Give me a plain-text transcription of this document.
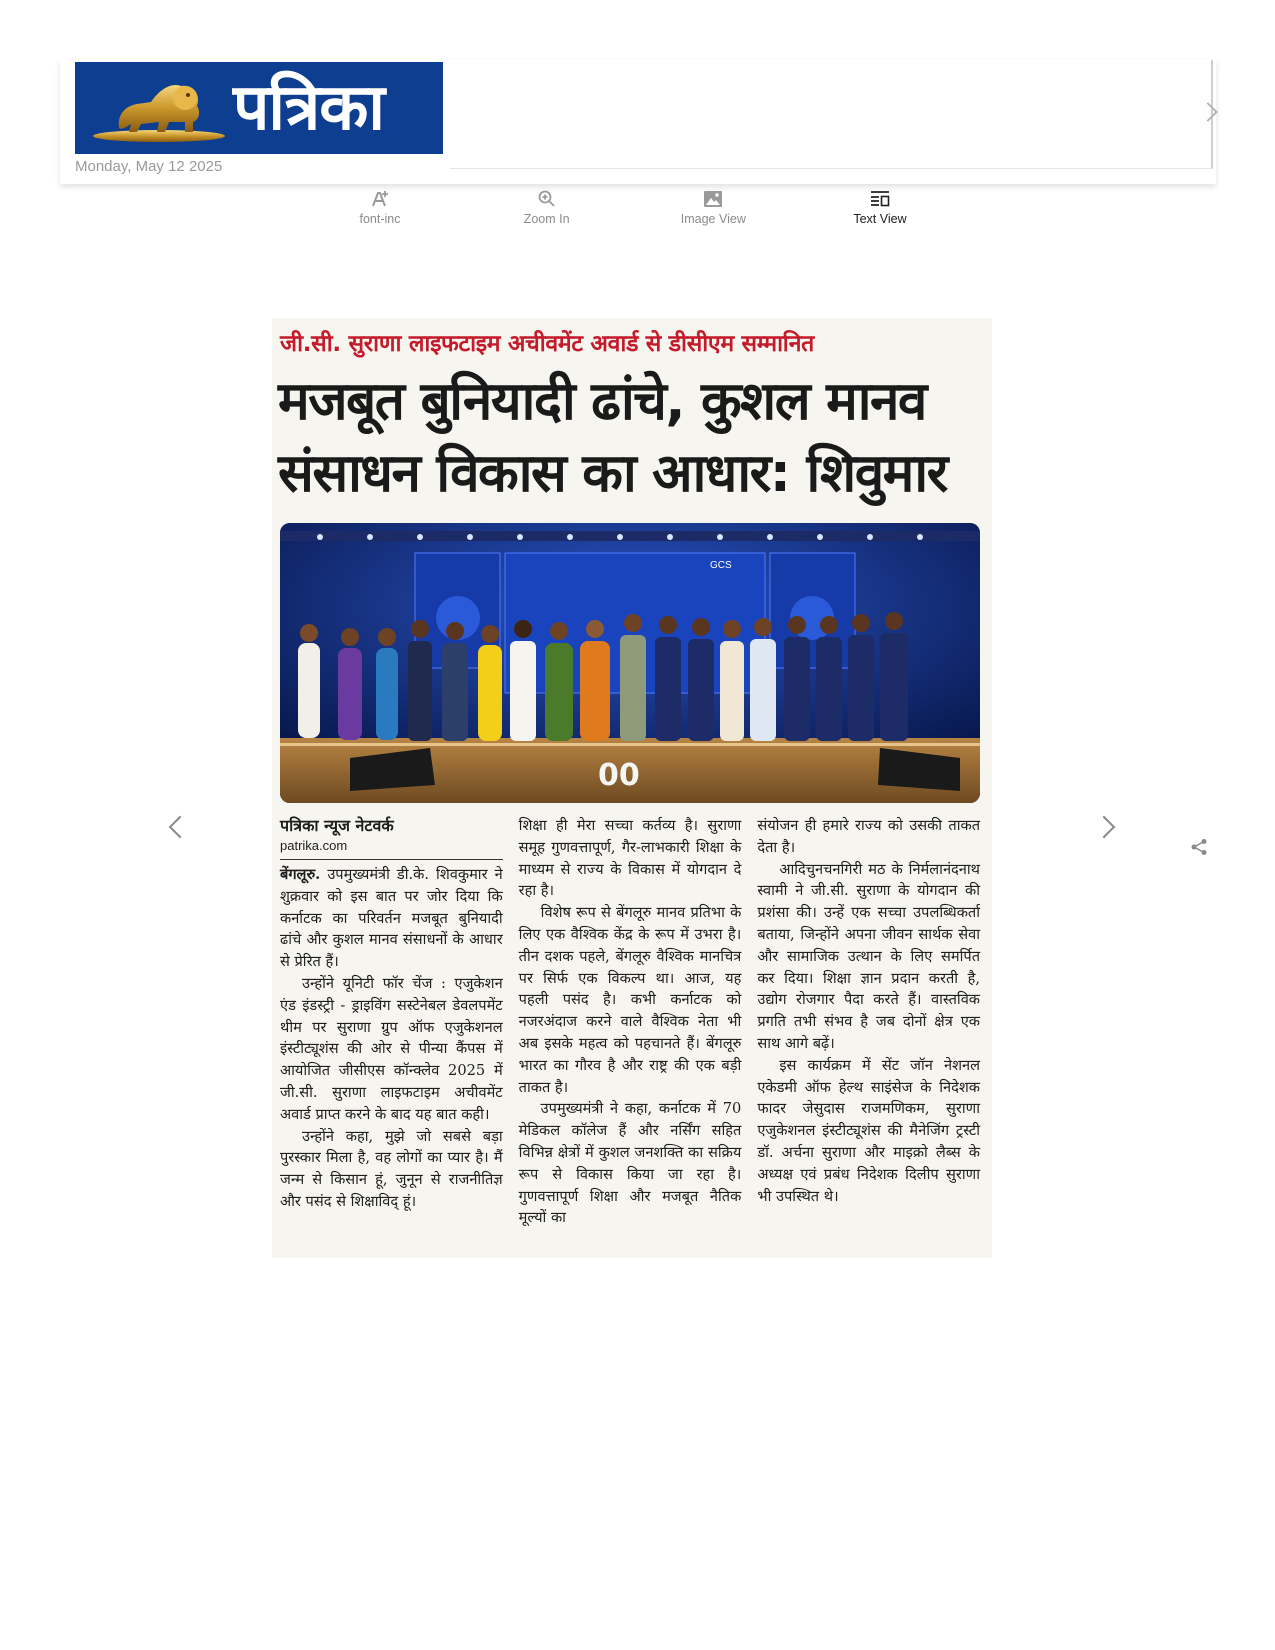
पत्रिका
Monday, May 12 2025
font-inc	Zoom In	Image View	Text View
जी.सी. सुराणा लाइफटाइम अचीवमेंट अवार्ड से डीसीएम सम्मानित
मजबूत बुनियादी ढांचे, कुशल मानव
संसाधन विकास का आधार: शिवुमार
GCS
00
पत्रिका न्यूज नेटवर्क
patrika.com

बेंगलूरु. उपमुख्यमंत्री डी.के. शिवकुमार ने शुक्रवार को इस बात पर जोर दिया कि कर्नाटक का परिवर्तन मजबूत बुनियादी ढांचे और कुशल मानव संसाधनों के आधार से प्रेरित हैं।

उन्होंने यूनिटी फॉर चेंज : एजुकेशन एंड इंडस्ट्री - ड्राइविंग सस्टेनेबल डेवलपमेंट थीम पर सुराणा ग्रुप ऑफ एजुकेशनल इंस्टीट्यूशंस की ओर से पीन्या कैंपस में आयोजित जीसीएस कॉन्क्लेव 2025 में जी.सी. सुराणा लाइफटाइम अचीवमेंट अवार्ड प्राप्त करने के बाद यह बात कही।

उन्होंने कहा, मुझे जो सबसे बड़ा पुरस्कार मिला है, वह लोगों का प्यार है। मैं जन्म से किसान हूं, जुनून से राजनीतिज्ञ और पसंद से शिक्षाविद् हूं।

शिक्षा ही मेरा सच्चा कर्तव्य है। सुराणा समूह गुणवत्तापूर्ण, गैर-लाभकारी शिक्षा के माध्यम से राज्य के विकास में योगदान दे रहा है।

विशेष रूप से बेंगलूरु मानव प्रतिभा के लिए एक वैश्विक केंद्र के रूप में उभरा है। तीन दशक पहले, बेंगलूरु वैश्विक मानचित्र पर सिर्फ एक विकल्प था। आज, यह पहली पसंद है। कभी कर्नाटक को नजरअंदाज करने वाले वैश्विक नेता भी अब इसके महत्व को पहचानते हैं। बेंगलूरु भारत का गौरव है और राष्ट्र की एक बड़ी ताकत है।

उपमुख्यमंत्री ने कहा, कर्नाटक में 70 मेडिकल कॉलेज हैं और नर्सिंग सहित विभिन्न क्षेत्रों में कुशल जनशक्ति का सक्रिय रूप से विकास किया जा रहा है। गुणवत्तापूर्ण शिक्षा और मजबूत नैतिक मूल्यों का

संयोजन ही हमारे राज्य को उसकी ताकत देता है।

आदिचुनचनगिरी मठ के निर्मलानंदनाथ स्वामी ने जी.सी. सुराणा के योगदान की प्रशंसा की। उन्हें एक सच्चा उपलब्धिकर्ता बताया, जिन्होंने अपना जीवन सार्थक सेवा और सामाजिक उत्थान के लिए समर्पित कर दिया। शिक्षा ज्ञान प्रदान करती है, उद्योग रोजगार पैदा करते हैं। वास्तविक प्रगति तभी संभव है जब दोनों क्षेत्र एक साथ आगे बढ़ें।

इस कार्यक्रम में सेंट जॉन नेशनल एकेडमी ऑफ हेल्थ साइंसेज के निदेशक फादर जेसुदास राजमणिकम, सुराणा एजुकेशनल इंस्टीट्यूशंस की मैनेजिंग ट्रस्टी डॉ. अर्चना सुराणा और माइक्रो लैब्स के अध्यक्ष एवं प्रबंध निदेशक दिलीप सुराणा भी उपस्थित थे।
